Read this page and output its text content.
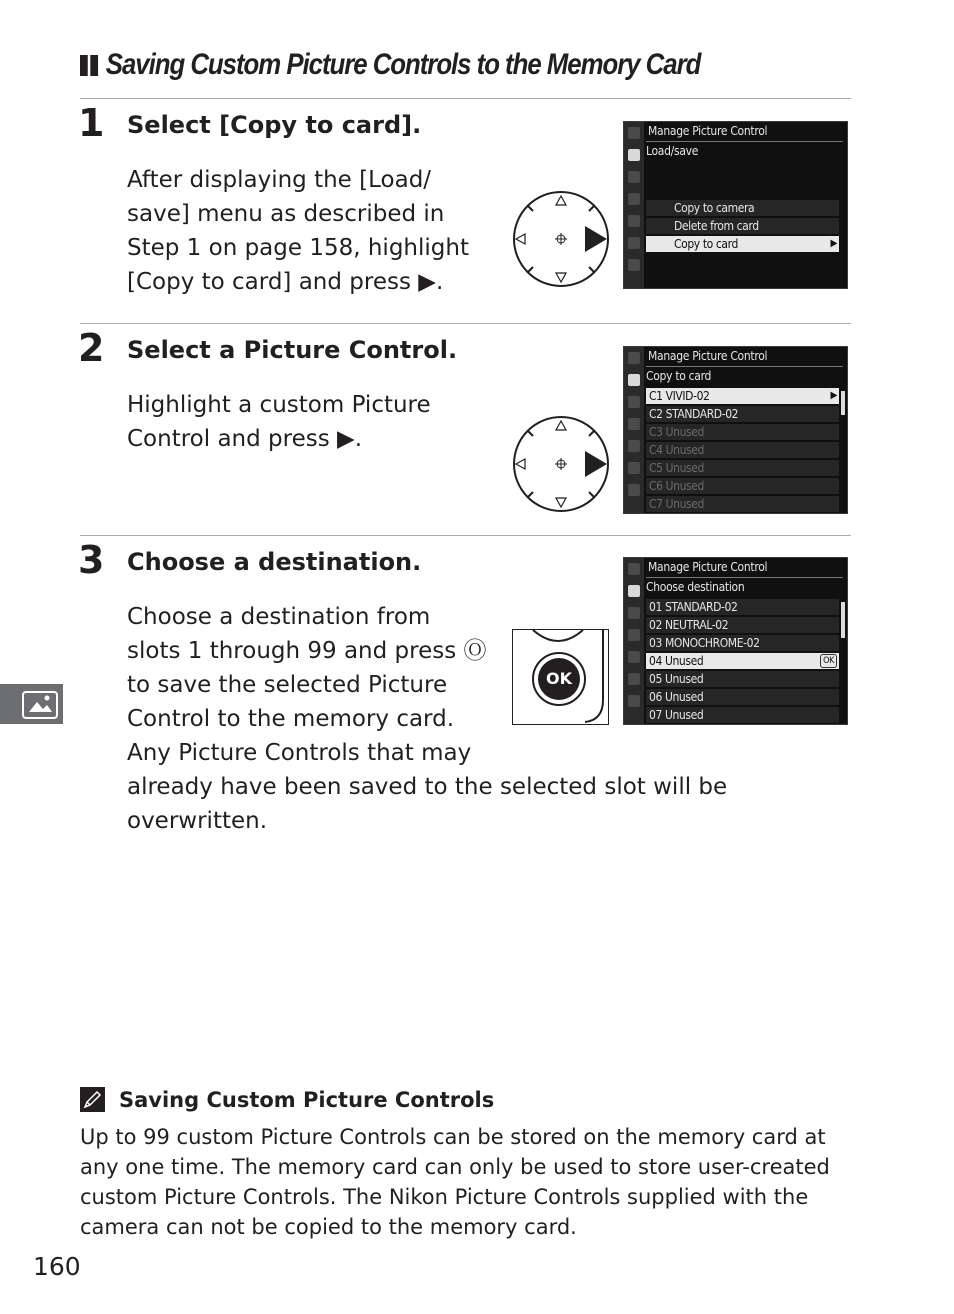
Saving Custom Picture Controls to the Memory Card
1 Select [Copy to card].
After displaying the [Load/
save] menu as described in
Step 1 on page 158, highlight
[Copy to card] and press ▶.
Manage Picture Control
Load/save
Copy to camera
Delete from card
Copy to card	▶
2 Select a Picture Control.
Highlight a custom Picture
Control and press ▶.
Manage Picture Control
Copy to card
C1 VIVID-02	▶
C2 STANDARD-02
C3 Unused
C4 Unused
C5 Unused
C6 Unused
C7 Unused
3 Choose a destination.
Choose a destination from
slots 1 through 99 and press Ⓞ
to save the selected Picture
Control to the memory card.
Any Picture Controls that may
already have been saved to the selected slot will be
overwritten.
OK
Manage Picture Control
Choose destination
01 STANDARD-02
02 NEUTRAL-02
03 MONOCHROME-02
04 Unused	OK
05 Unused
06 Unused
07 Unused
Saving Custom Picture Controls
Up to 99 custom Picture Controls can be stored on the memory card at any one time. The memory card can only be used to store user-created custom Picture Controls. The Nikon Picture Controls supplied with the camera can not be copied to the memory card.
160
